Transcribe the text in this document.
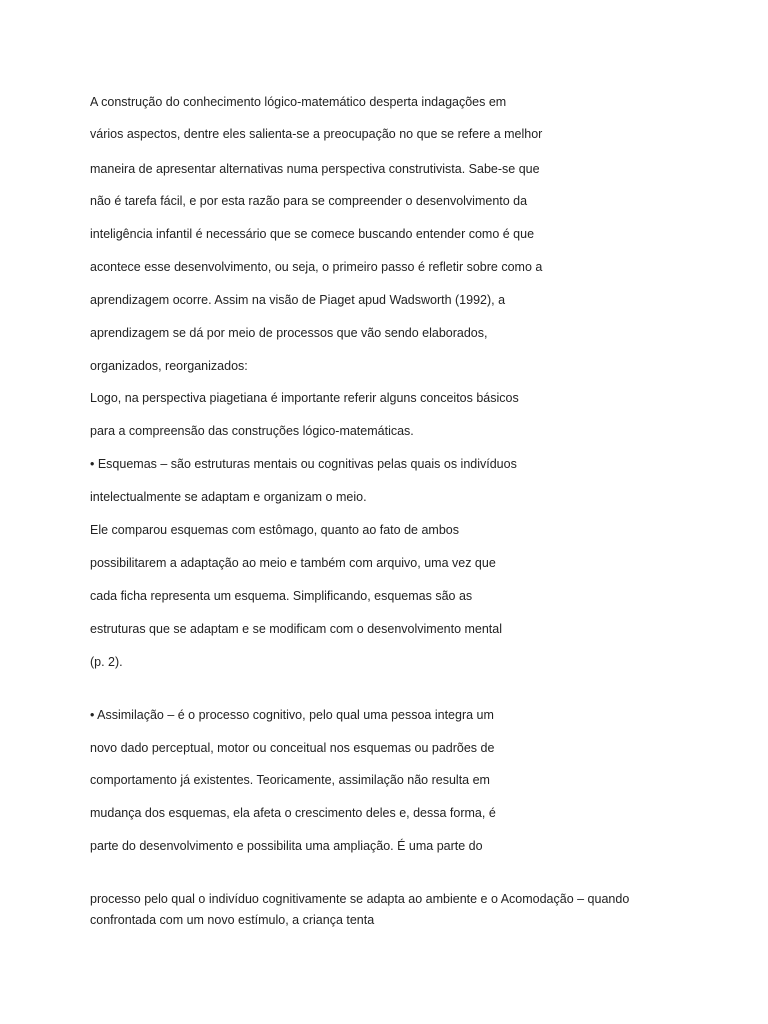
A construção do conhecimento lógico-matemático desperta indagações em

vários aspectos, dentre eles salienta-se a preocupação no que se refere a melhor

maneira de apresentar alternativas numa perspectiva construtivista. Sabe-se que

não é tarefa fácil, e por esta razão para se compreender o desenvolvimento da

inteligência infantil é necessário que se comece buscando entender como é que

acontece esse desenvolvimento, ou seja, o primeiro passo é refletir sobre como a

aprendizagem ocorre. Assim na visão de Piaget apud Wadsworth (1992), a

aprendizagem se dá por meio de processos que vão sendo elaborados,

organizados, reorganizados:

Logo, na perspectiva piagetiana é importante referir alguns conceitos básicos

para a compreensão das construções lógico-matemáticas.

• Esquemas – são estruturas mentais ou cognitivas pelas quais os indivíduos

intelectualmente se adaptam e organizam o meio.

Ele comparou esquemas com estômago, quanto ao fato de ambos

possibilitarem a adaptação ao meio e também com arquivo, uma vez que

cada ficha representa um esquema. Simplificando, esquemas são as

estruturas que se adaptam e se modificam com o desenvolvimento mental

(p. 2).

• Assimilação – é o processo cognitivo, pelo qual uma pessoa integra um

novo dado perceptual, motor ou conceitual nos esquemas ou padrões de

comportamento já existentes. Teoricamente, assimilação não resulta em

mudança dos esquemas, ela afeta o crescimento deles e, dessa forma, é

parte do desenvolvimento e possibilita uma ampliação. É uma parte do

processo pelo qual o indivíduo cognitivamente se adapta ao ambiente e o Acomodação – quando

confrontada com um novo estímulo, a criança tenta
